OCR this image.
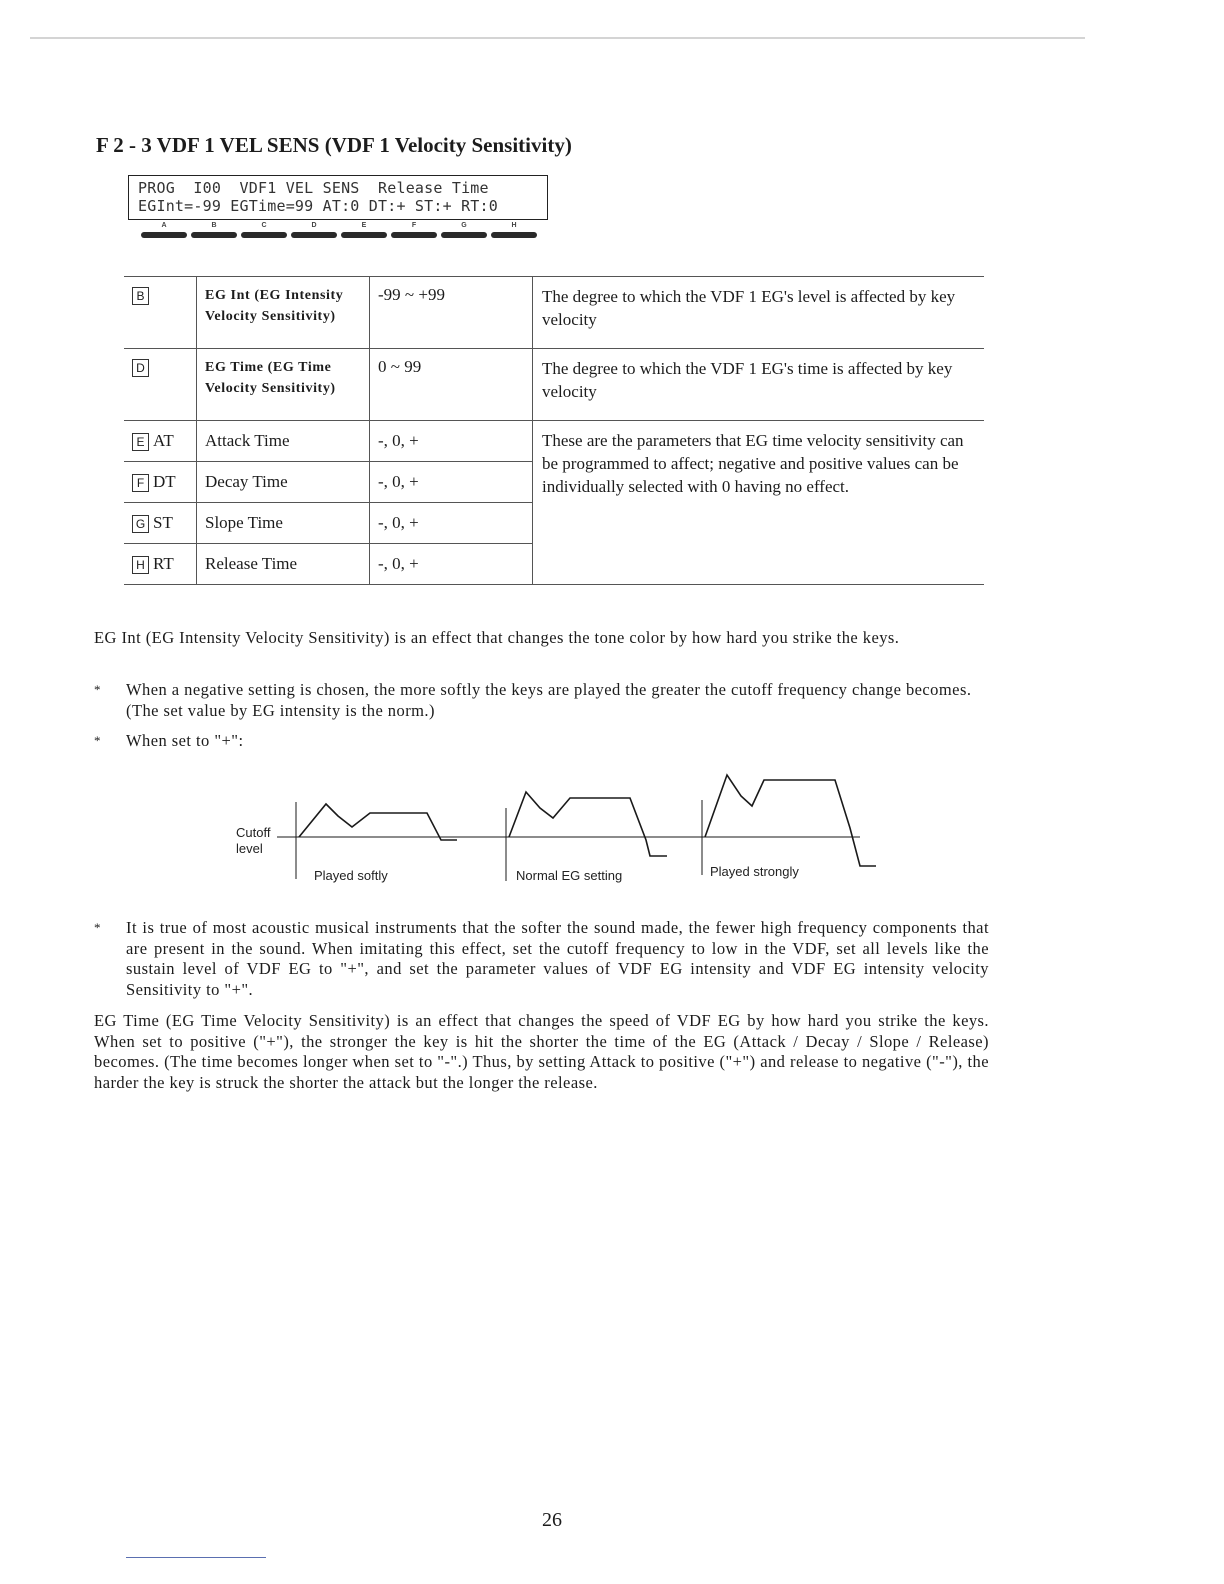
F 2 - 3 VDF 1 VEL SENS (VDF 1 Velocity Sensitivity)
PROG  I00  VDF1 VEL SENS  Release Time
EGInt=-99 EGTime=99 AT:0 DT:+ ST:+ RT:0
A	B	C	D	E	F	G	H
B	EG Int (EG Intensity Velocity Sensitivity)	-99 ~ +99	The degree to which the VDF 1 EG's level is affected by key velocity
D	EG Time (EG Time Velocity Sensitivity)	0 ~ 99	The degree to which the VDF 1 EG's time is affected by key velocity
E AT	Attack Time	-, 0, +	These are the parameters that EG time velocity sensitivity can be programmed to affect; negative and positive values can be individually selected with 0 having no effect.
F DT	Decay Time	-, 0, +	
G ST	Slope Time	-, 0, +	
H RT	Release Time	-, 0, +	

EG Int (EG Intensity Velocity Sensitivity) is an effect that changes the tone color by how hard you strike the keys.

* When a negative setting is chosen, the more softly the keys are played the greater the cutoff frequency change becomes. (The set value by EG intensity is the norm.)
* When set to "+":
Cutoff
level
Played softly	Normal EG setting	Played strongly
* It is true of most acoustic musical instruments that the softer the sound made, the fewer high frequency components that are present in the sound. When imitating this effect, set the cutoff frequency to low in the VDF, set all levels like the sustain level of VDF EG to "+", and set the parameter values of VDF EG intensity and VDF EG intensity velocity Sensitivity to "+".

EG Time (EG Time Velocity Sensitivity) is an effect that changes the speed of VDF EG by how hard you strike the keys. When set to positive ("+"), the stronger the key is hit the shorter the time of the EG (Attack / Decay / Slope / Release) becomes. (The time becomes longer when set to "-".) Thus, by setting Attack to positive ("+") and release to negative ("-"), the harder the key is struck the shorter the attack but the longer the release.

26
